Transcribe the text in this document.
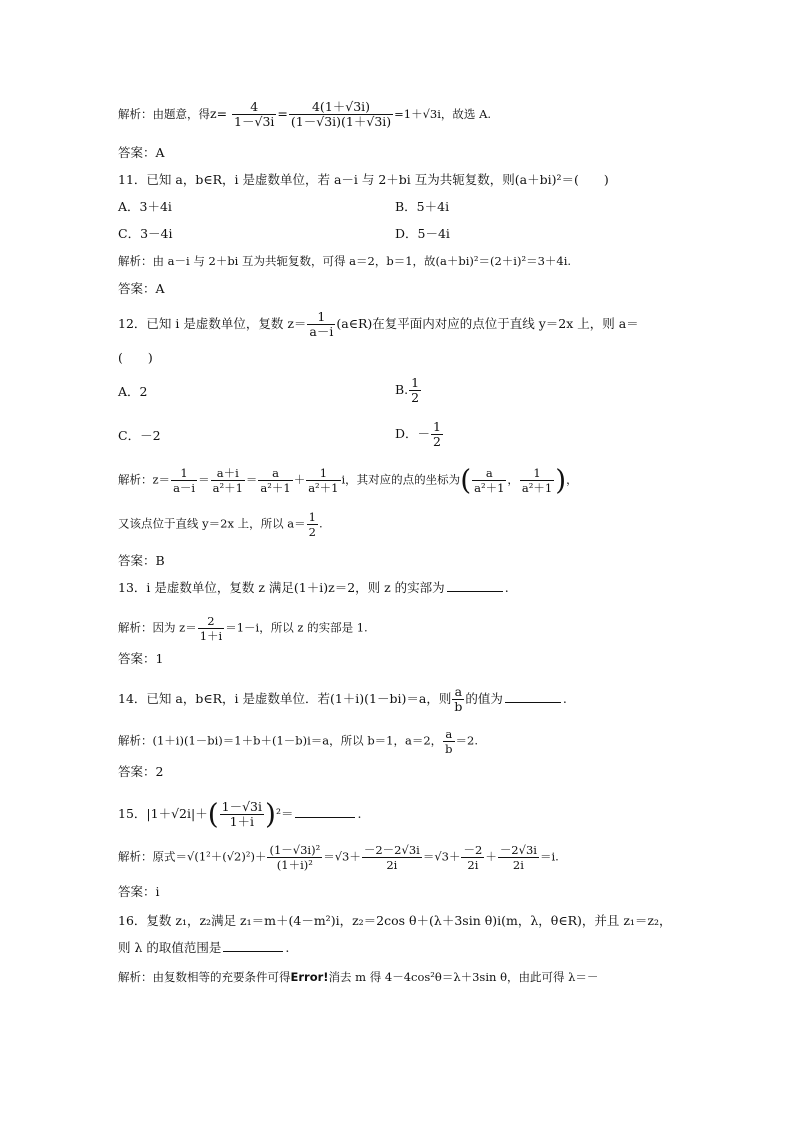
解析：由题意，得$z= \frac{4}{1-√3i} = \frac{4(1+√3i)}{(1-√3i)(1+√3i)} =1+√3i$，故选 A.
答案：A
11．已知 a，b∈R，i 是虚数单位，若 a－i 与 2＋bi 互为共轭复数，则(a＋bi)²＝(　　)
A．3＋4i	B．5＋4i
C．3－4i	D．5－4i
解析：由 a－i 与 2＋bi 互为共轭复数，可得 a＝2，b＝1，故(a＋bi)²＝(2＋i)²＝3＋4i.
答案：A
12．已知 i 是虚数单位，复数 $z= \frac{1}{a-i}$ (a∈R)在复平面内对应的点位于直线 y＝2x 上，则 a＝
(　　)
A．2	B. $\frac{1}{2}$
C．－2	D．－ $\frac{1}{2}$
解析：$z= \frac{1}{a-i} = \frac{a+i}{\text{a²＋1}} = \frac{a}{\text{a²＋1}} + \frac{1}{\text{a²＋1}}$ i，其对应的点的坐标为( $\frac{a}{\text{a²＋1}}$ ， $\frac{1}{\text{a²＋1}}$ )，
又该点位于直线 y＝2x 上，所以 $a= \frac{1}{2}$ .
答案：B
13．i 是虚数单位，复数 z 满足(1＋i)z＝2，则 z 的实部为	.
解析：因为 $z= \frac{2}{1+i} =1-i$，所以 z 的实部是 1.
答案：1
14．已知 a，b∈R，i 是虚数单位．若(1＋i)(1－bi)＝a，则 $\frac{a}{b}$ 的值为	.
解析：(1＋i)(1－bi)＝1＋b＋(1－b)i＝a，所以 b＝1，a＝2， $\frac{a}{b} =2$.
答案：2
15．$|1+√2i|+( \frac{1-√3i}{1+i} )^2=$	.
解析：原式$=√(1^2+(√2)^2)+ \frac{\text{(1－√3i)²}}{\text{(1＋i)²}} =√3+ \frac{-2-2√3i}{2i} =√3+ \frac{-2}{2i} + \frac{-2√3i}{2i} =i$.
答案：i
16．复数 z₁，z₂满足 z₁＝m＋(4－m²)i，z₂＝2cos θ＋(λ＋3sin θ)i(m，λ，θ∈R)，并且 z₁＝z₂，
则 λ 的取值范围是	.
解析：由复数相等的充要条件可得Error!消去 m 得 4－4cos²θ＝λ＋3sin θ，由此可得 λ＝－
